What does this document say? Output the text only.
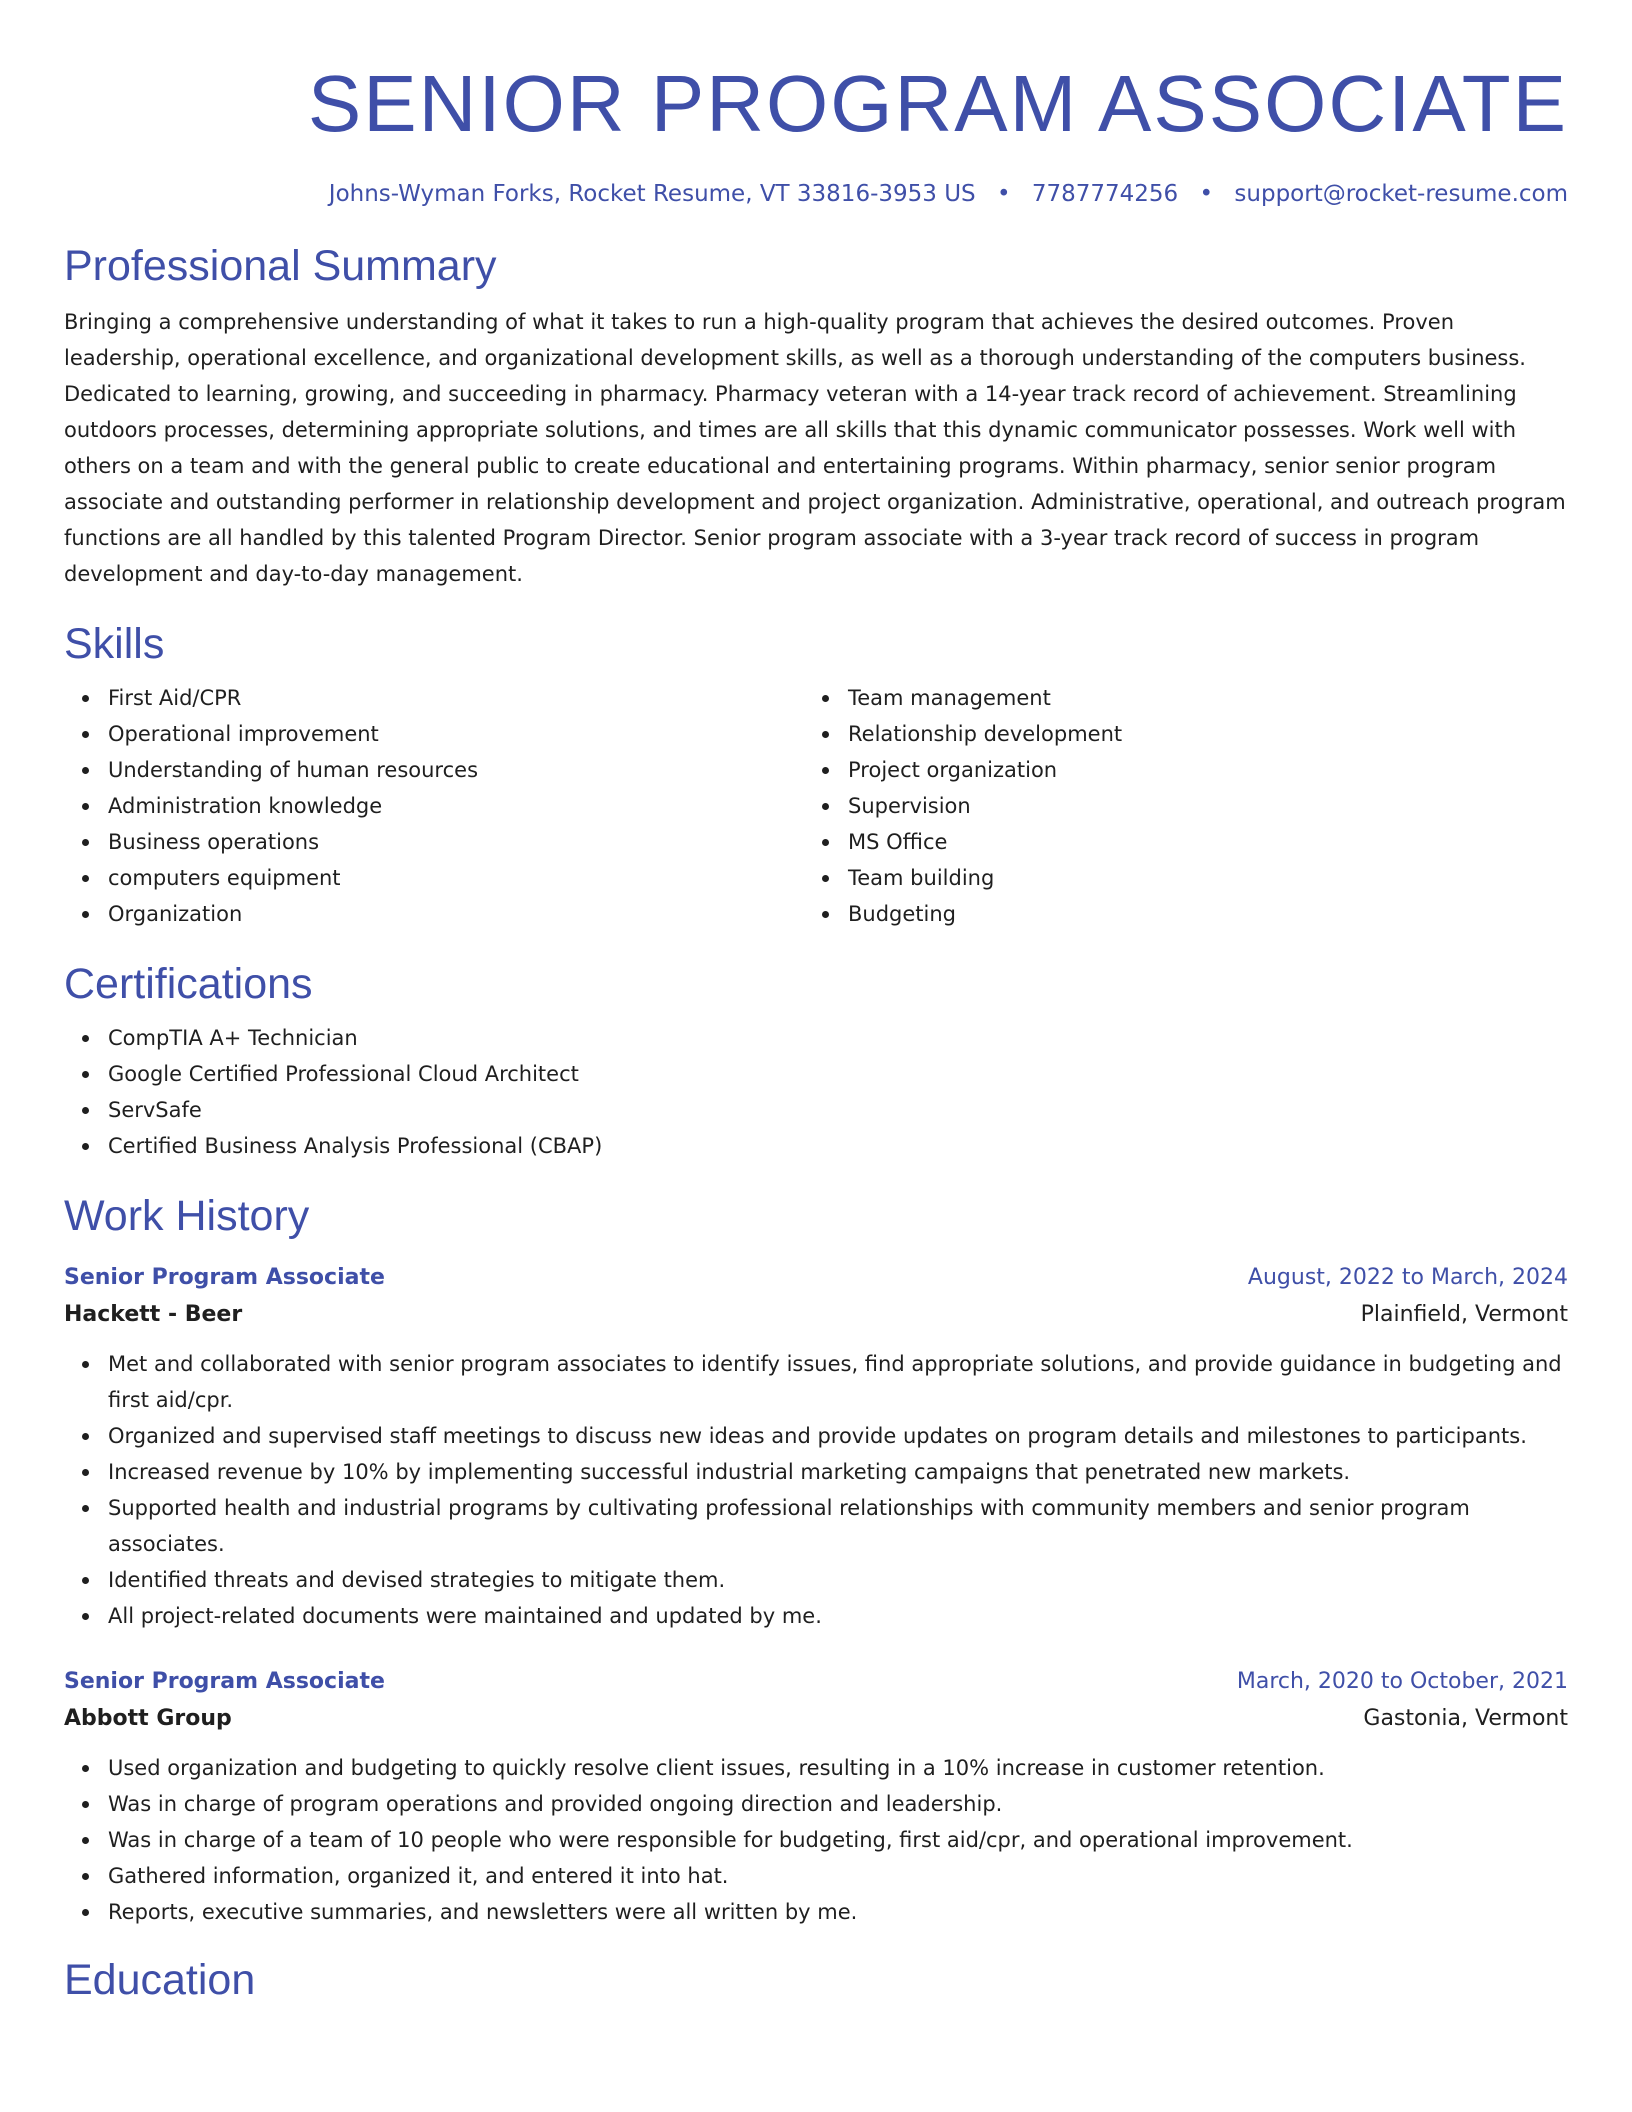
SENIOR PROGRAM ASSOCIATE
Johns-Wyman Forks, Rocket Resume, VT 33816-3953 US • 7787774256 • support@rocket-resume.com
Professional Summary

Bringing a comprehensive understanding of what it takes to run a high-quality program that achieves the desired outcomes. Proven leadership, operational excellence, and organizational development skills, as well as a thorough understanding of the computers business. Dedicated to learning, growing, and succeeding in pharmacy. Pharmacy veteran with a 14-year track record of achievement. Streamlining outdoors processes, determining appropriate solutions, and times are all skills that this dynamic communicator possesses. Work well with others on a team and with the general public to create educational and entertaining programs. Within pharmacy, senior senior program associate and outstanding performer in relationship development and project organization. Administrative, operational, and outreach program functions are all handled by this talented Program Director. Senior program associate with a 3-year track record of success in program development and day-to-day management.

Skills
First Aid/CPR
Operational improvement
Understanding of human resources
Administration knowledge
Business operations
computers equipment
Organization
Team management
Relationship development
Project organization
Supervision
MS Office
Team building
Budgeting
Certifications
CompTIA A+ Technician
Google Certified Professional Cloud Architect
ServSafe
Certified Business Analysis Professional (CBAP)
Work History
Senior Program Associate	August, 2022 to March, 2024
Hackett - Beer	Plainfield, Vermont
Met and collaborated with senior program associates to identify issues, find appropriate solutions, and provide guidance in budgeting and first aid/cpr.
Organized and supervised staff meetings to discuss new ideas and provide updates on program details and milestones to participants.
Increased revenue by 10% by implementing successful industrial marketing campaigns that penetrated new markets.
Supported health and industrial programs by cultivating professional relationships with community members and senior program associates.
Identified threats and devised strategies to mitigate them.
All project-related documents were maintained and updated by me.
Senior Program Associate	March, 2020 to October, 2021
Abbott Group	Gastonia, Vermont
Used organization and budgeting to quickly resolve client issues, resulting in a 10% increase in customer retention.
Was in charge of program operations and provided ongoing direction and leadership.
Was in charge of a team of 10 people who were responsible for budgeting, first aid/cpr, and operational improvement.
Gathered information, organized it, and entered it into hat.
Reports, executive summaries, and newsletters were all written by me.
Education
